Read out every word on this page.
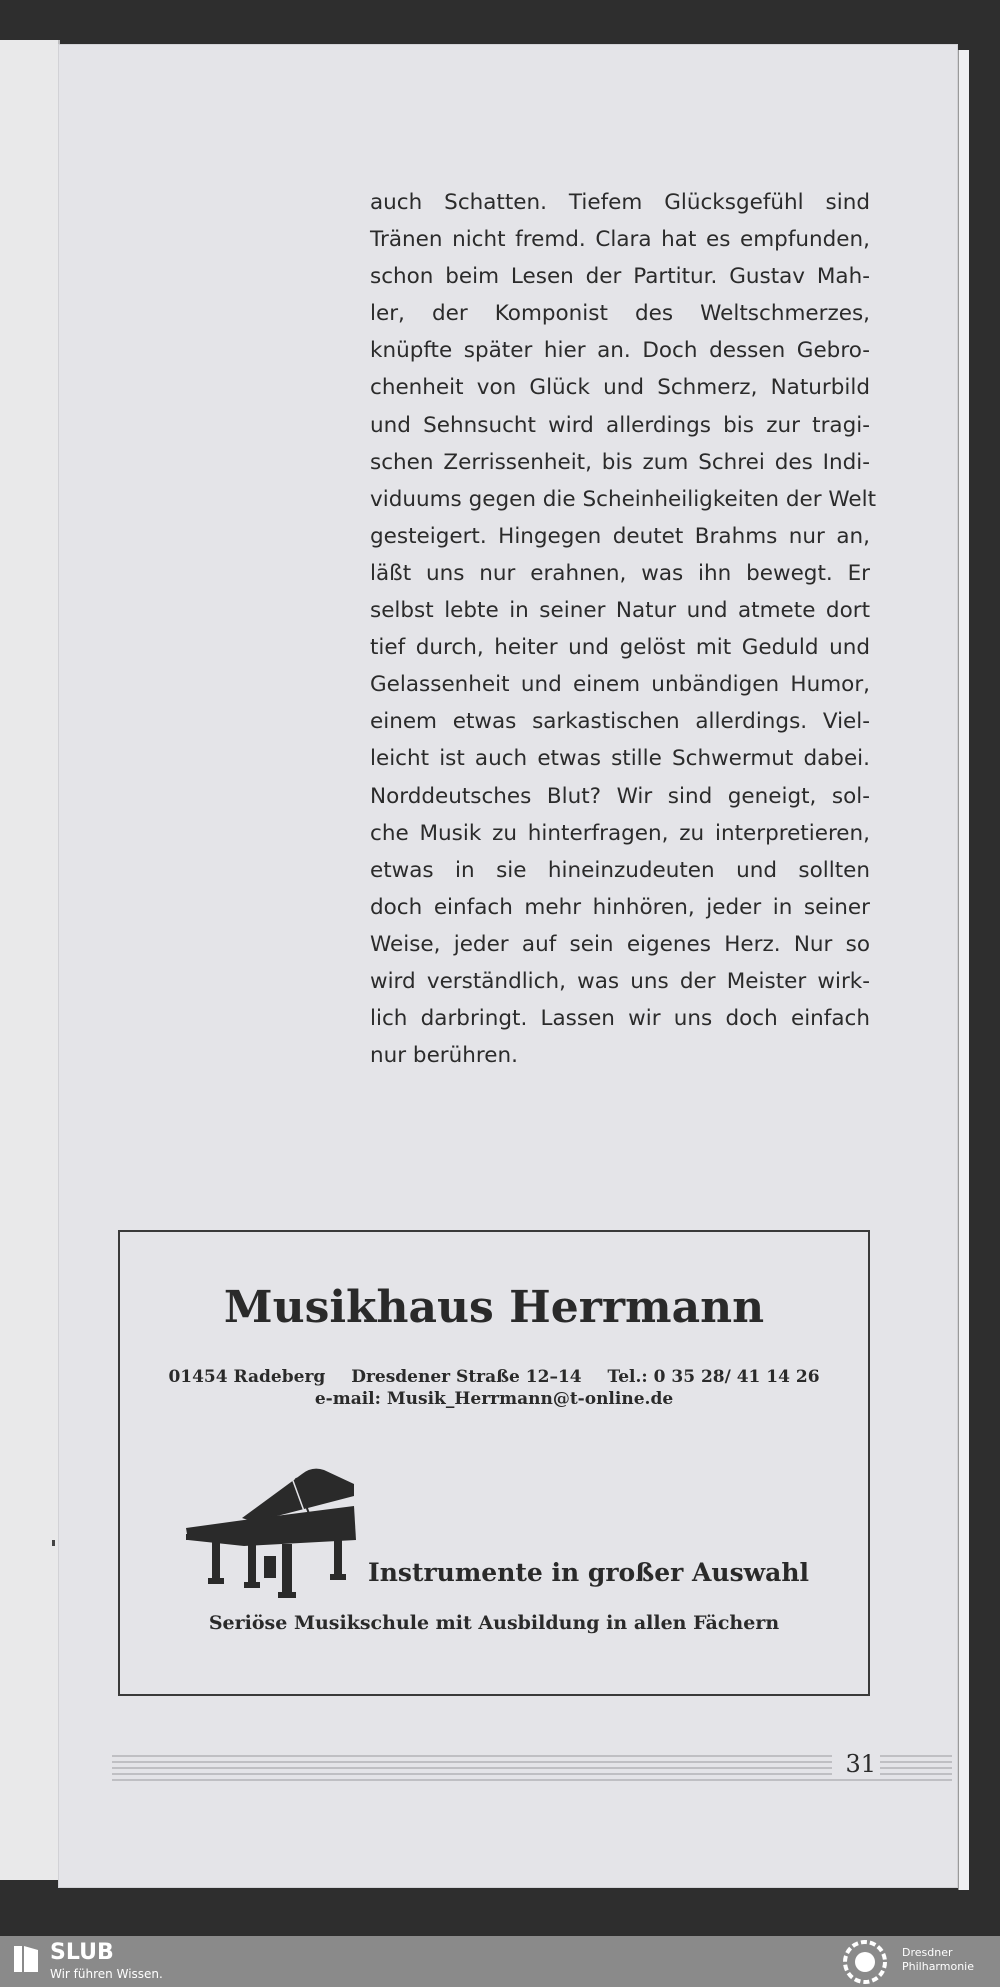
auch Schatten. Tiefem Glücksgefühl sind
Tränen nicht fremd. Clara hat es empfunden,
schon beim Lesen der Partitur. Gustav Mah-
ler, der Komponist des Weltschmerzes,
knüpfte später hier an. Doch dessen Gebro-
chenheit von Glück und Schmerz, Naturbild
und Sehnsucht wird allerdings bis zur tragi-
schen Zerrissenheit, bis zum Schrei des Indi-
viduums gegen die Scheinheiligkeiten der Welt
gesteigert. Hingegen deutet Brahms nur an,
läßt uns nur erahnen, was ihn bewegt. Er
selbst lebte in seiner Natur und atmete dort
tief durch, heiter und gelöst mit Geduld und
Gelassenheit und einem unbändigen Humor,
einem etwas sarkastischen allerdings. Viel-
leicht ist auch etwas stille Schwermut dabei.
Norddeutsches Blut? Wir sind geneigt, sol-
che Musik zu hinterfragen, zu interpretieren,
etwas in sie hineinzudeuten und sollten
doch einfach mehr hinhören, jeder in seiner
Weise, jeder auf sein eigenes Herz. Nur so
wird verständlich, was uns der Meister wirk-
lich darbringt. Lassen wir uns doch einfach
nur berühren.
Musikhaus Herrmann
01454 Radeberg Dresdener Straße 12–14 Tel.: 0 35 28/ 41 14 26
e-mail: Musik_Herrmann@t-online.de
Instrumente in großer Auswahl
Seriöse Musikschule mit Ausbildung in allen Fächern
31
SLUB
Wir führen Wissen.
Dresdner
Philharmonie
